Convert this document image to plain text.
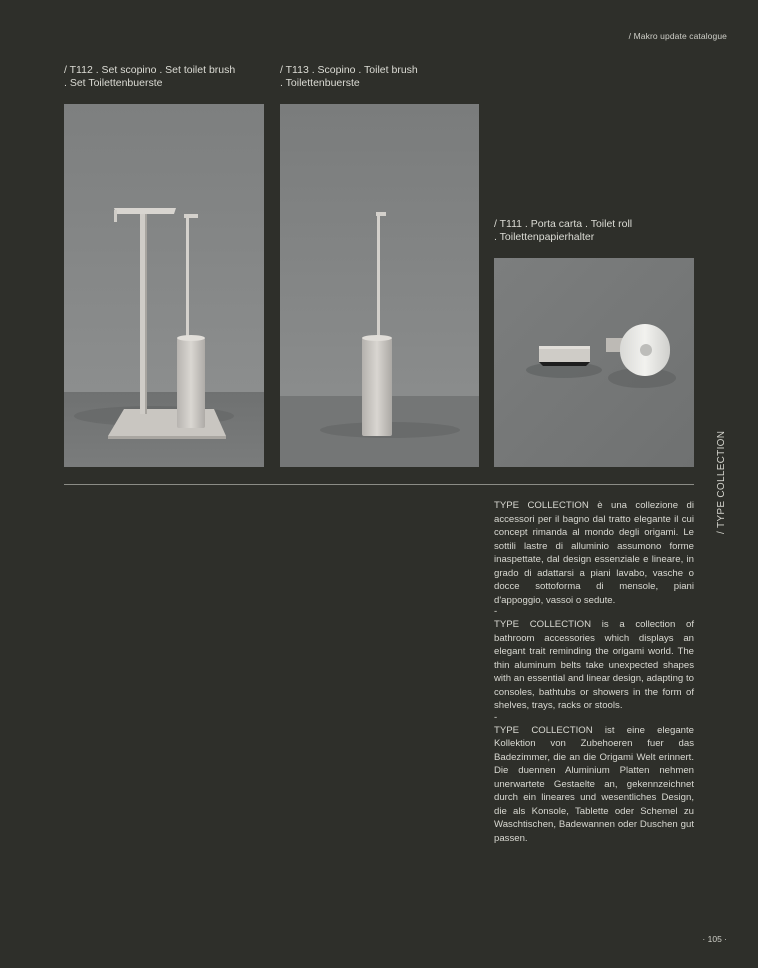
/ Makro update catalogue
/ T112 . Set scopino . Set toilet brush
. Set Toilettenbuerste
/ T113 . Scopino . Toilet brush
. Toilettenbuerste
/ T111 . Porta carta . Toilet roll
. Toilettenpapierhalter
/ TYPE COLLECTION

TYPE COLLECTION è una collezione di accessori per il bagno dal tratto elegante il cui concept rimanda al mondo degli origami. Le sottili lastre di alluminio assumono forme inaspettate, dal design essenziale e lineare, in grado di adattarsi a piani lavabo, vasche o docce sottoforma di mensole, piani d'appoggio, vassoi o sedute.

-

TYPE COLLECTION is a collection of bathroom accessories which displays an elegant trait reminding the origami world. The thin aluminum belts take unexpected shapes with an essential and linear design, adapting to consoles, bathtubs or showers in the form of shelves, trays, racks or stools.

-

TYPE COLLECTION ist eine elegante Kollektion von Zubehoeren fuer das Badezimmer, die an die Origami Welt erinnert. Die duennen Aluminium Platten nehmen unerwartete Gestaelte an, gekennzeichnet durch ein lineares und wesentliches Design, die als Konsole, Tablette oder Schemel zu Waschtischen, Badewannen oder Duschen gut passen.

· 105 ·
